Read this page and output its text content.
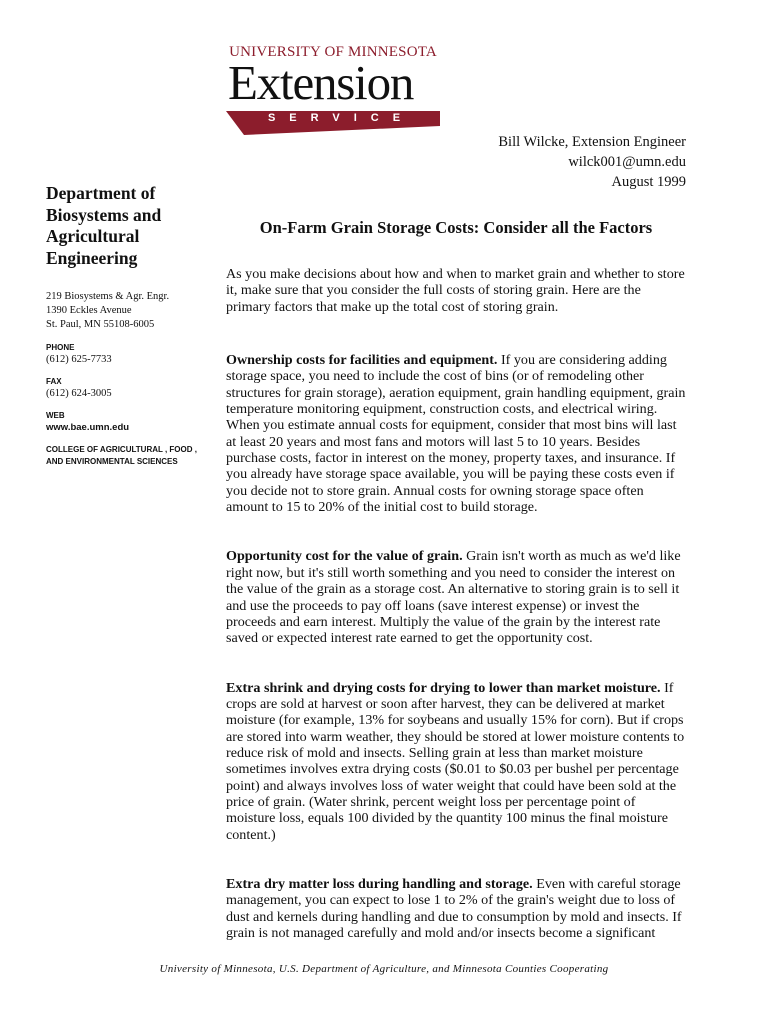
UNIVERSITY OF MINNESOTA
Extension
SERVICE
Bill Wilcke, Extension Engineer
wilck001@umn.edu
August 1999
Department of Biosystems and Agricultural Engineering
219 Biosystems & Agr. Engr.
1390 Eckles Avenue
St. Paul, MN 55108-6005
PHONE
(612) 625-7733
FAX
(612) 624-3005
WEB
www.bae.umn.edu
COLLEGE OF AGRICULTURAL , FOOD , AND ENVIRONMENTAL SCIENCES
On-Farm Grain Storage Costs: Consider all the Factors

As you make decisions about how and when to market grain and whether to store it, make sure that you consider the full costs of storing grain. Here are the primary factors that make up the total cost of storing grain.

Ownership costs for facilities and equipment. If you are considering adding storage space, you need to include the cost of bins (or of remodeling other structures for grain storage), aeration equipment, grain handling equipment, grain temperature monitoring equipment, construction costs, and electrical wiring. When you estimate annual costs for equipment, consider that most bins will last at least 20 years and most fans and motors will last 5 to 10 years. Besides purchase costs, factor in interest on the money, property taxes, and insurance. If you already have storage space available, you will be paying these costs even if you decide not to store grain. Annual costs for owning storage space often amount to 15 to 20% of the initial cost to build storage.

Opportunity cost for the value of grain. Grain isn't worth as much as we'd like right now, but it's still worth something and you need to consider the interest on the value of the grain as a storage cost. An alternative to storing grain is to sell it and use the proceeds to pay off loans (save interest expense) or invest the proceeds and earn interest. Multiply the value of the grain by the interest rate saved or expected interest rate earned to get the opportunity cost.

Extra shrink and drying costs for drying to lower than market moisture. If crops are sold at harvest or soon after harvest, they can be delivered at market moisture (for example, 13% for soybeans and usually 15% for corn). But if crops are stored into warm weather, they should be stored at lower moisture contents to reduce risk of mold and insects. Selling grain at less than market moisture sometimes involves extra drying costs ($0.01 to $0.03 per bushel per percentage point) and always involves loss of water weight that could have been sold at the price of grain. (Water shrink, percent weight loss per percentage point of moisture loss, equals 100 divided by the quantity 100 minus the final moisture content.)

Extra dry matter loss during handling and storage. Even with careful storage management, you can expect to lose 1 to 2% of the grain's weight due to loss of dust and kernels during handling and due to consumption by mold and insects. If grain is not managed carefully and mold and/or insects become a significant

University of Minnesota, U.S. Department of Agriculture, and Minnesota Counties Cooperating
